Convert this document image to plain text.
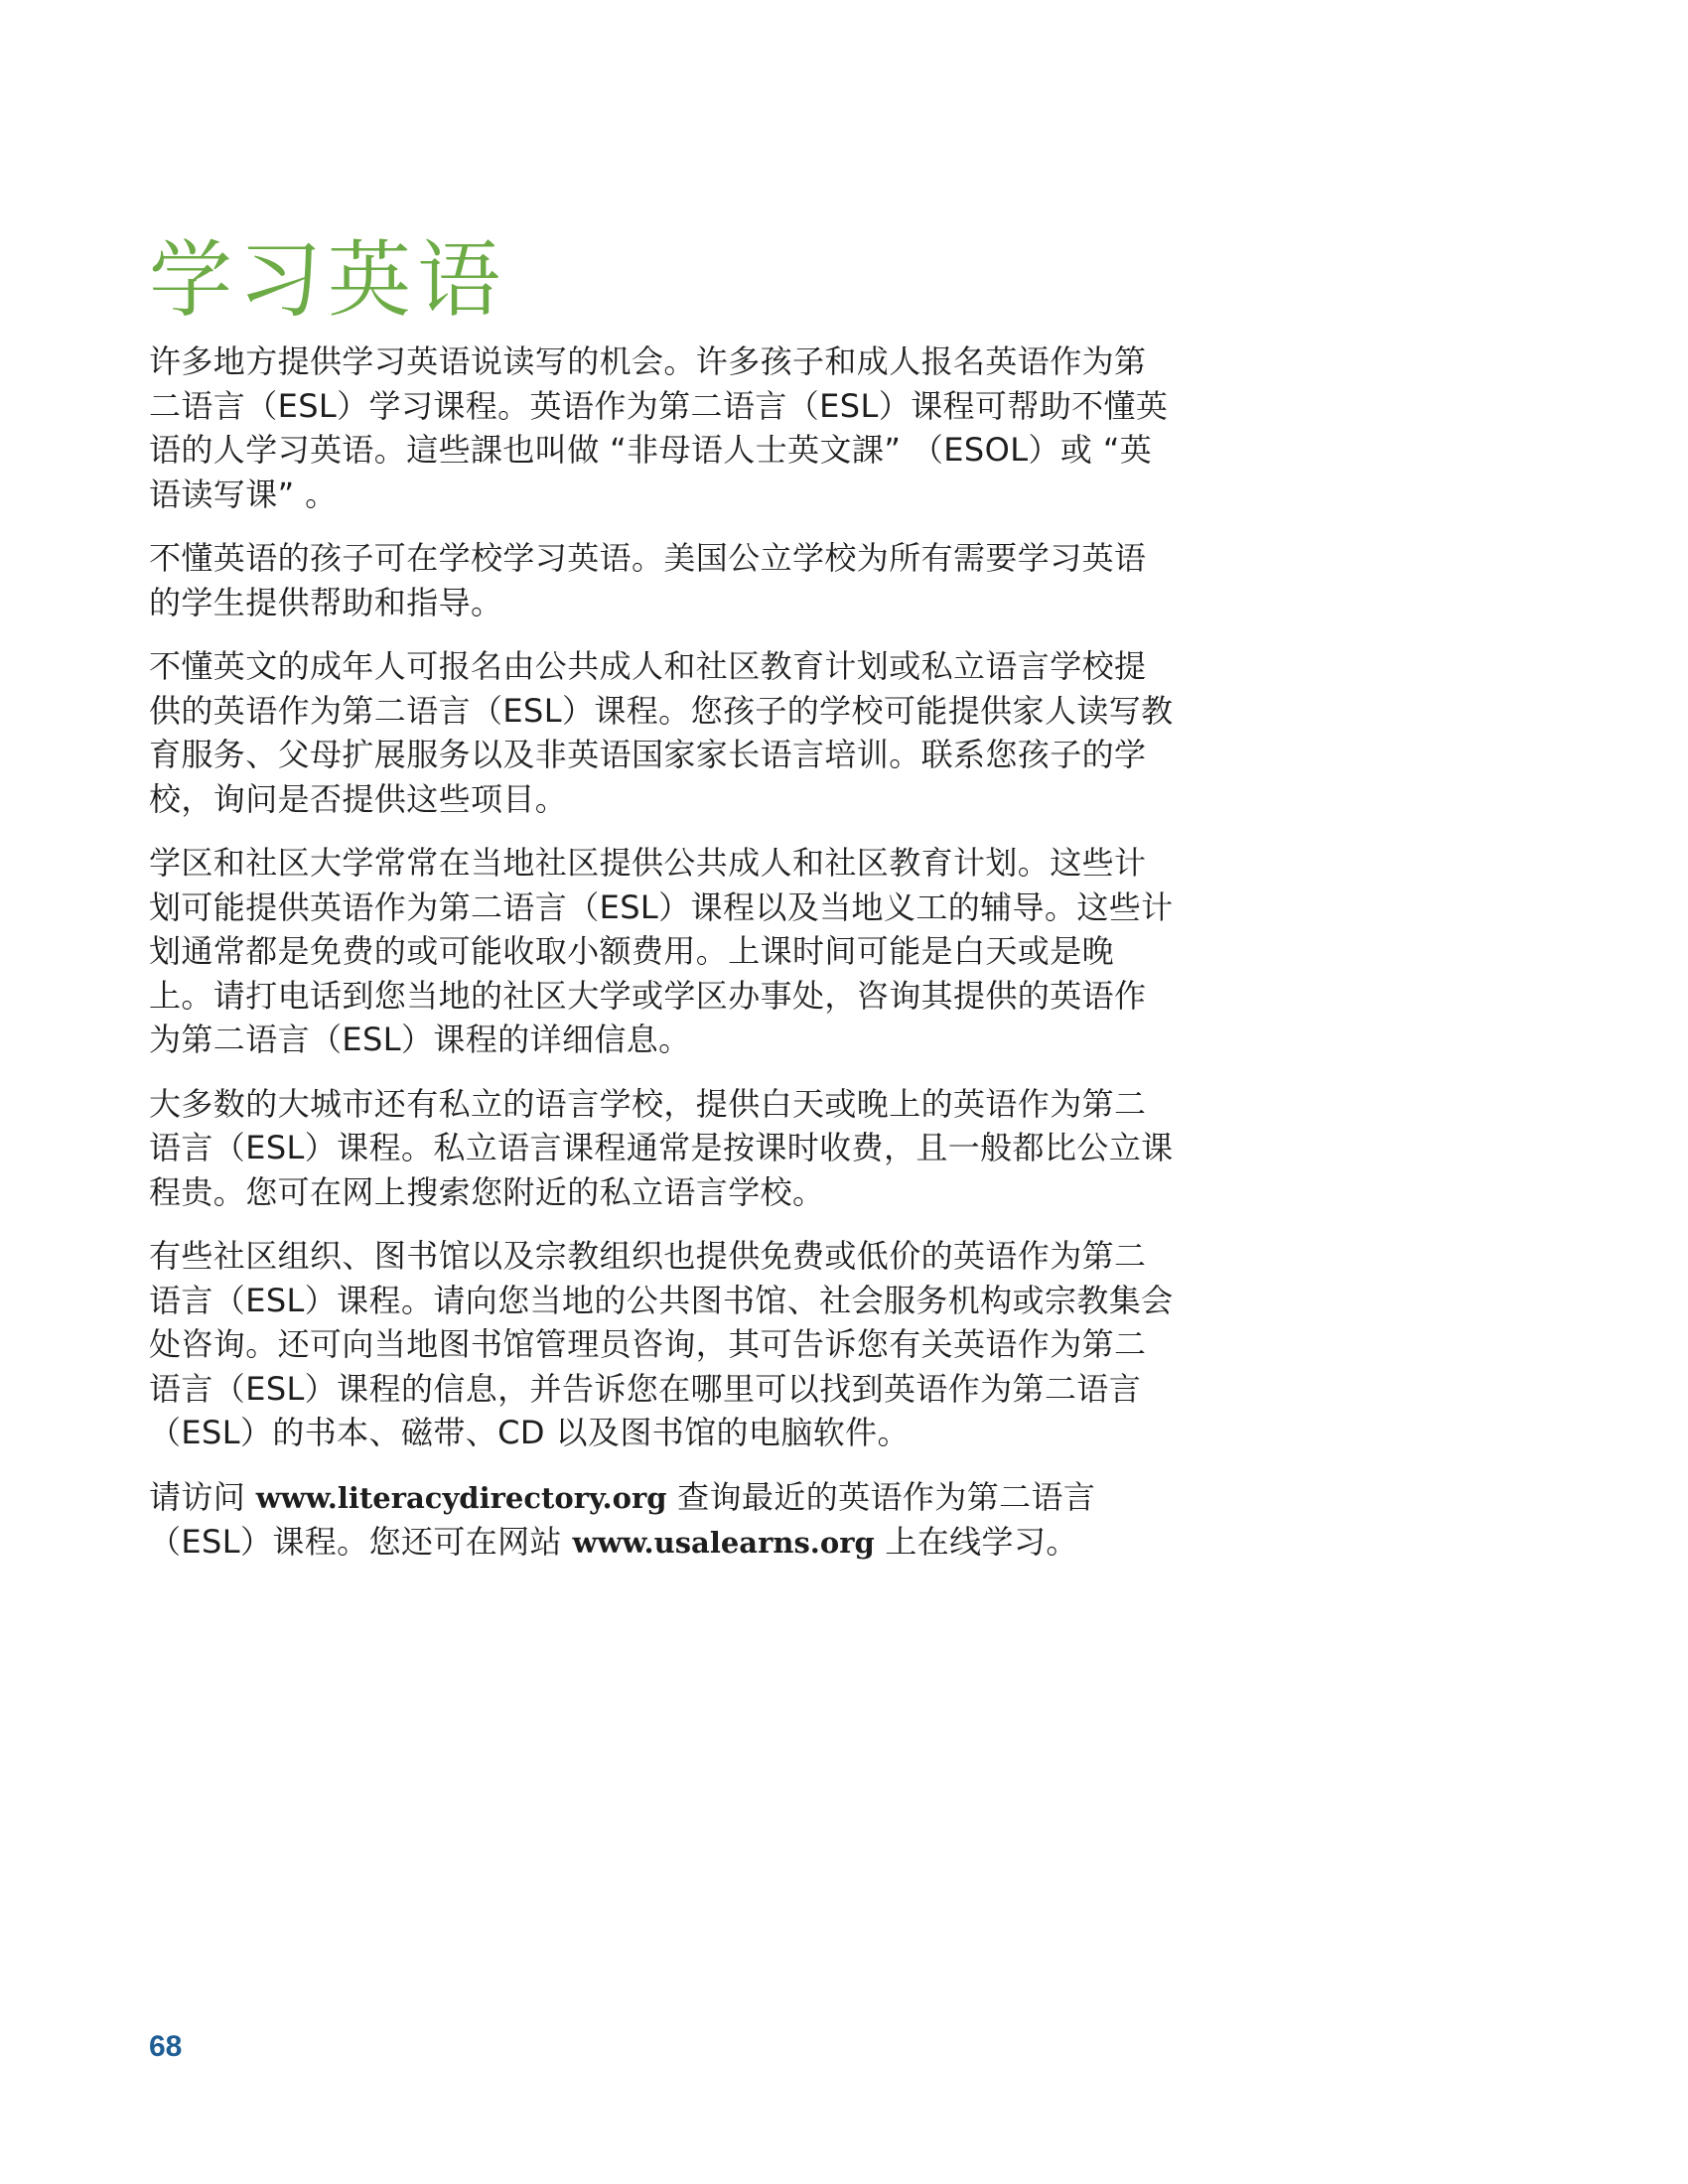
学习英语

许多地方提供学习英语说读写的机会。许多孩子和成人报名英语作为第二语言（ESL）学习课程。英语作为第二语言（ESL）课程可帮助不懂英语的人学习英语。這些課也叫做 “非母语人士英文課” （ESOL）或 “英语读写课” 。

不懂英语的孩子可在学校学习英语。美国公立学校为所有需要学习英语的学生提供帮助和指导。

不懂英文的成年人可报名由公共成人和社区教育计划或私立语言学校提供的英语作为第二语言（ESL）课程。您孩子的学校可能提供家人读写教育服务、父母扩展服务以及非英语国家家长语言培训。联系您孩子的学校，询问是否提供这些项目。

学区和社区大学常常在当地社区提供公共成人和社区教育计划。这些计划可能提供英语作为第二语言（ESL）课程以及当地义工的辅导。这些计划通常都是免费的或可能收取小额费用。上课时间可能是白天或是晚上。请打电话到您当地的社区大学或学区办事处，咨询其提供的英语作为第二语言（ESL）课程的详细信息。

大多数的大城市还有私立的语言学校，提供白天或晚上的英语作为第二语言（ESL）课程。私立语言课程通常是按课时收费，且一般都比公立课程贵。您可在网上搜索您附近的私立语言学校。

有些社区组织、图书馆以及宗教组织也提供免费或低价的英语作为第二语言（ESL）课程。请向您当地的公共图书馆、社会服务机构或宗教集会处咨询。还可向当地图书馆管理员咨询，其可告诉您有关英语作为第二语言（ESL）课程的信息，并告诉您在哪里可以找到英语作为第二语言（ESL）的书本、磁带、CD 以及图书馆的电脑软件。

请访问 www.literacydirectory.org 查询最近的英语作为第二语言（ESL）课程。您还可在网站 www.usalearns.org 上在线学习。

68
